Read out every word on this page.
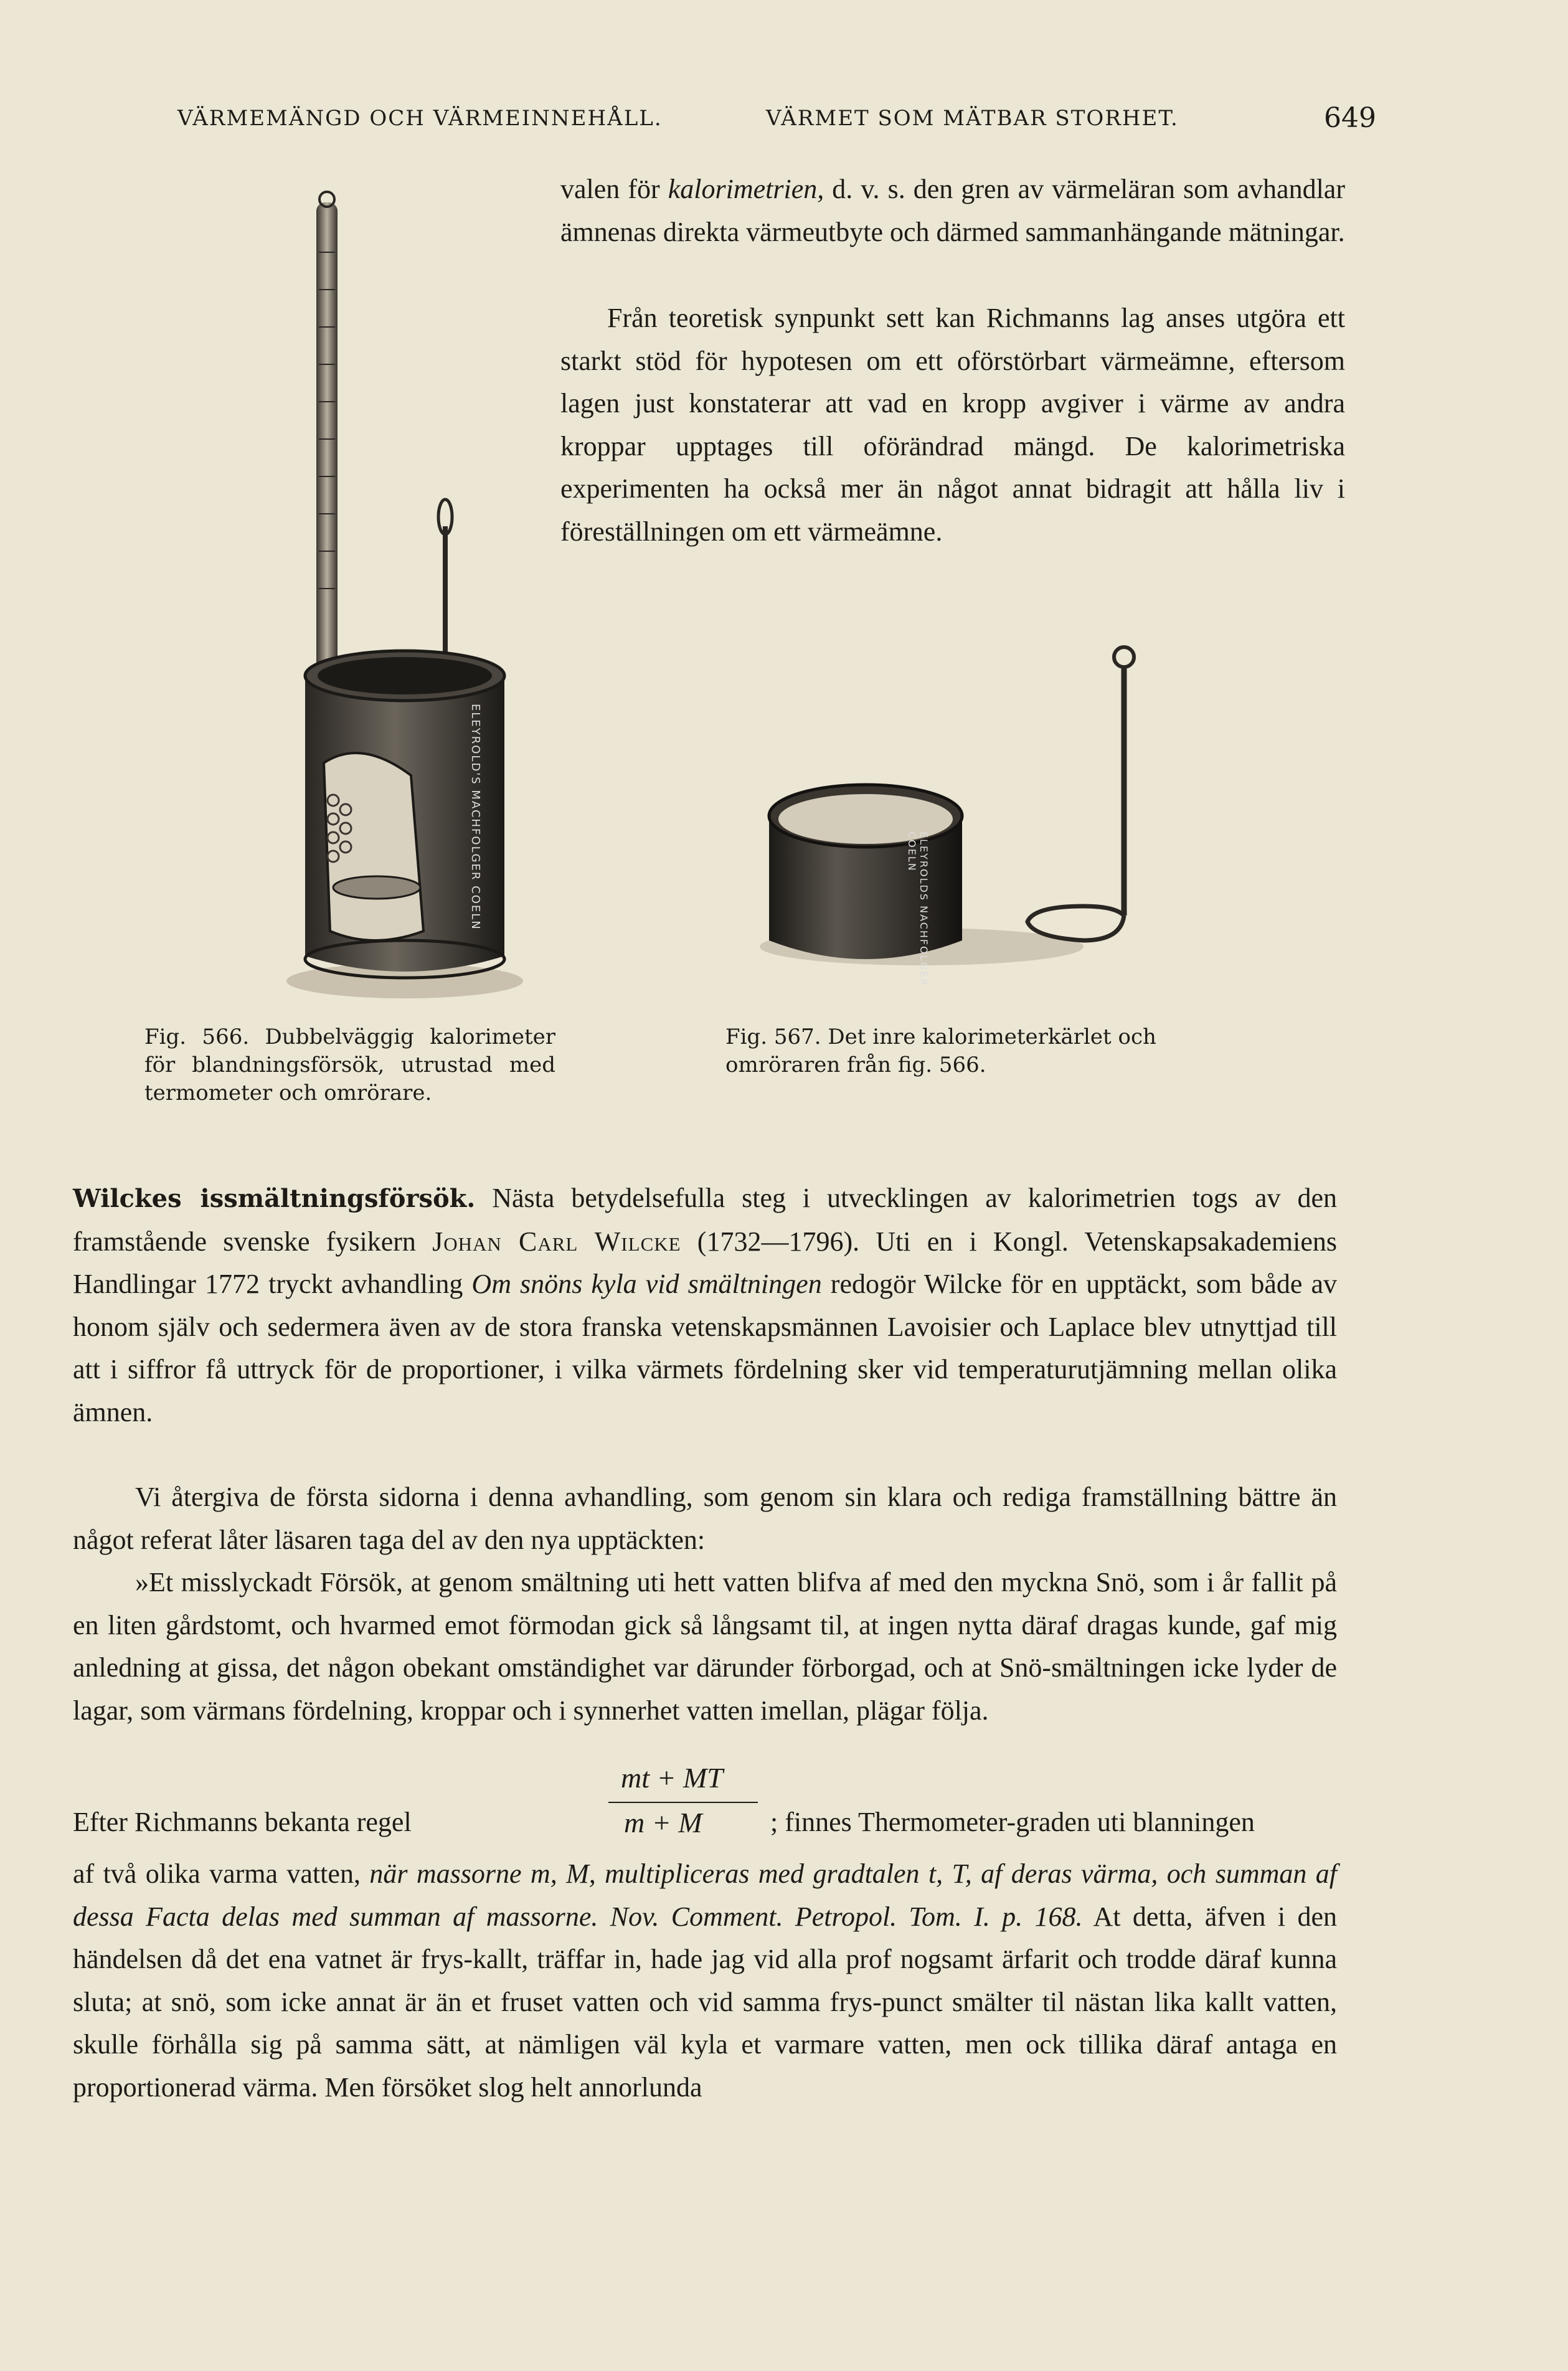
VÄRMEMÄNGD OCH VÄRMEINNEHÅLL.	VÄRMET SOM MÄTBAR STORHET.	649

valen för kalorimetrien, d. v. s. den gren av värmeläran som avhandlar ämnenas direkta värmeutbyte och därmed sammanhängande mätningar.

Från teoretisk synpunkt sett kan Richmanns lag anses utgöra ett starkt stöd för hypotesen om ett oförstörbart värmeämne, eftersom lagen just konstaterar att vad en kropp avgiver i värme av andra kroppar upptages till oförändrad mängd. De kalorimetriska experimenten ha också mer än något annat bidragit att hålla liv i föreställningen om ett värmeämne.

ELEYROLD'S MACHFOLGER COELN	ELEYROLDS NACHFOLGER COELN
Fig. 566. Dubbelväggig kalorimeter för blandningsförsök, utrustad med termometer och omrörare.
Fig. 567. Det inre kalorimeterkärlet och omröraren från fig. 566.

Wilckes issmältningsförsök. Nästa betydelsefulla steg i utvecklingen av kalorimetrien togs av den framstående svenske fysikern Johan Carl Wilcke (1732—1796). Uti en i Kongl. Vetenskapsakademiens Handlingar 1772 tryckt avhandling Om snöns kyla vid smältningen redogör Wilcke för en upptäckt, som både av honom själv och sedermera även av de stora franska vetenskapsmännen Lavoisier och Laplace blev utnyttjad till att i siffror få uttryck för de proportioner, i vilka värmets fördelning sker vid temperaturutjämning mellan olika ämnen.

Vi återgiva de första sidorna i denna avhandling, som genom sin klara och rediga framställning bättre än något referat låter läsaren taga del av den nya upptäckten:

»Et misslyckadt Försök, at genom smältning uti hett vatten blifva af med den myckna Snö, som i år fallit på en liten gårdstomt, och hvarmed emot förmodan gick så långsamt til, at ingen nytta däraf dragas kunde, gaf mig anledning at gissa, det någon obekant omständighet var därunder förborgad, och at Snö-smältningen icke lyder de lagar, som värmans fördelning, kroppar och i synnerhet vatten imellan, plägar följa.

Efter Richmanns bekanta regel
mt + MT
m + M ; finnes Thermometer-graden uti blanningen

af två olika varma vatten, när massorne m, M, multipliceras med gradtalen t, T, af deras värma, och summan af dessa Facta delas med summan af massorne. Nov. Comment. Petropol. Tom. I. p. 168. At detta, äfven i den händelsen då det ena vatnet är frys-kallt, träffar in, hade jag vid alla prof nogsamt ärfarit och trodde däraf kunna sluta; at snö, som icke annat är än et fruset vatten och vid samma frys-punct smälter til nästan lika kallt vatten, skulle förhålla sig på samma sätt, at nämligen väl kyla et varmare vatten, men ock tillika däraf antaga en proportionerad värma. Men försöket slog helt annorlunda
